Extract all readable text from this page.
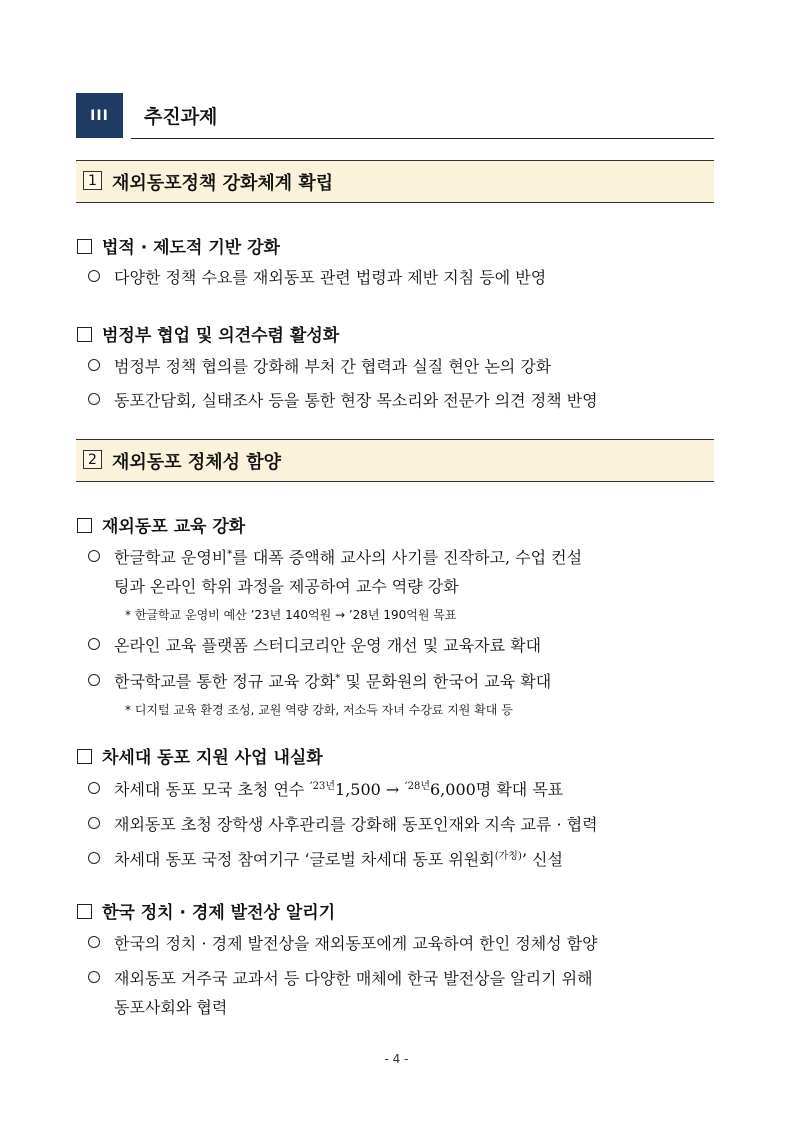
III	추진과제
1 재외동포정책 강화체계 확립
법적 · 제도적 기반 강화
다양한 정책 수요를 재외동포 관련 법령과 제반 지침 등에 반영
범정부 협업 및 의견수렴 활성화
범정부 정책 협의를 강화해 부처 간 협력과 실질 현안 논의 강화
동포간담회, 실태조사 등을 통한 현장 목소리와 전문가 의견 정책 반영
2 재외동포 정체성 함양
재외동포 교육 강화
한글학교 운영비*를 대폭 증액해 교사의 사기를 진작하고, 수업 컨설
팅과 온라인 학위 과정을 제공하여 교수 역량 강화
* 한글학교 운영비 예산 ’23년 140억원 → ’28년 190억원 목표
온라인 교육 플랫폼 스터디코리안 운영 개선 및 교육자료 확대
한국학교를 통한 정규 교육 강화* 및 문화원의 한국어 교육 확대
* 디지털 교육 환경 조성, 교원 역량 강화, 저소득 자녀 수강료 지원 확대 등
차세대 동포 지원 사업 내실화
차세대 동포 모국 초청 연수 $^{’23년}$1,500 → $^{’28년}$6,000명 확대 목표
재외동포 초청 장학생 사후관리를 강화해 동포인재와 지속 교류 · 협력
차세대 동포 국정 참여기구 ‘글로벌 차세대 동포 위원회$^{(가칭)}$’ 신설
한국 정치 · 경제 발전상 알리기
한국의 정치 · 경제 발전상을 재외동포에게 교육하여 한인 정체성 함양
재외동포 거주국 교과서 등 다양한 매체에 한국 발전상을 알리기 위해
동포사회와 협력
- 4 -
